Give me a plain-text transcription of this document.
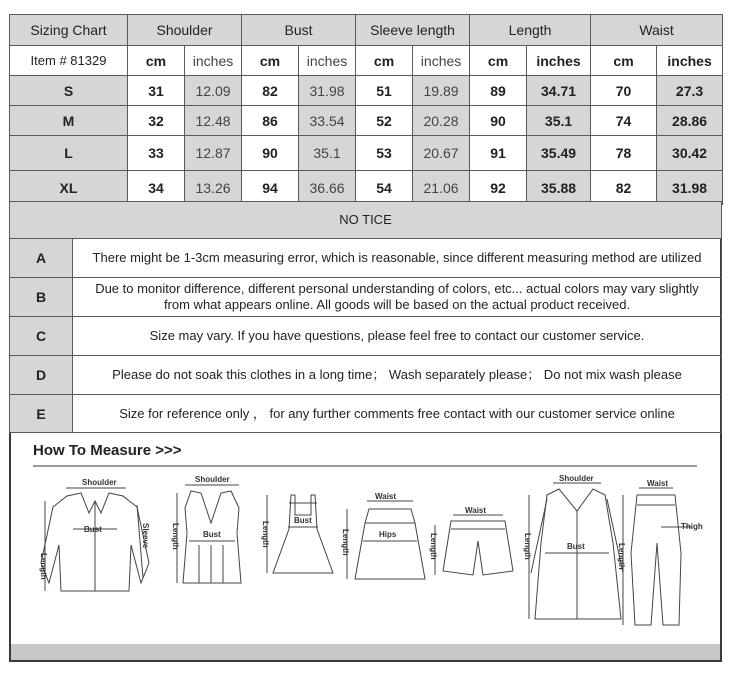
Sizing Chart	Shoulder		Bust		Sleeve length		Length		Waist	
Item # 81329	cm	inches	cm	inches	cm	inches	cm	inches	cm	inches
S	31	12.09	82	31.98	51	19.89	89	34.71	70	27.3
M	32	12.48	86	33.54	52	20.28	90	35.1	74	28.86
L	33	12.87	90	35.1	53	20.67	91	35.49	78	30.42
XL	34	13.26	94	36.66	54	21.06	92	35.88	82	31.98
NO TICE	
A	There might be 1-3cm measuring error, which is reasonable, since different measuring method are utilized
B	Due to monitor difference, different personal understanding of colors, etc... actual colors may vary slightly from what appears online. All goods will be based on the actual product received.
C	Size may vary. If you have questions, please feel free to contact our customer service.
D	Please do not soak this clothes in a long time； Wash separately please； Do not mix wash please
E	Size for reference only ， for any further comments free contact with our customer service online
How To Measure >>>
Shoulder
Bust
Shoulder
Bust
Bust
Waist
Hips
Waist
Shoulder
Bust
Waist
Thigh
Length
Sleeve	Length	Length	Length	Length	Length	Length
